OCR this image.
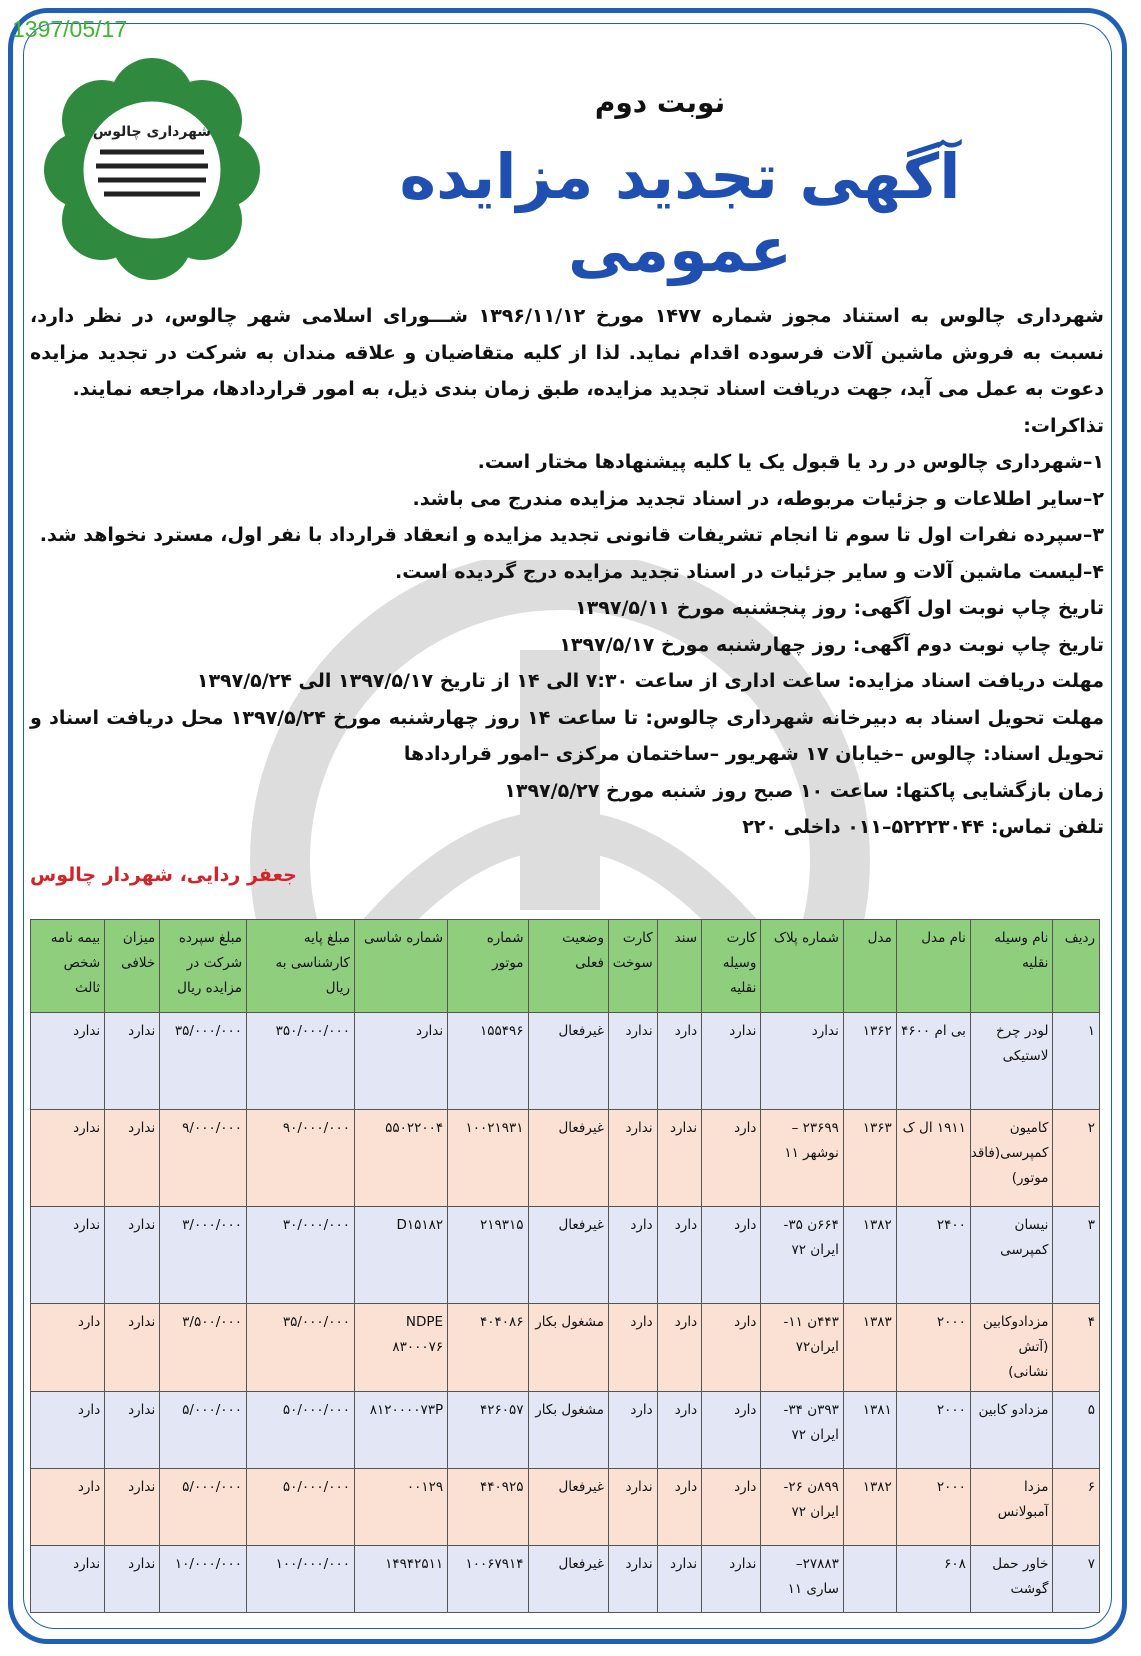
1397/05/17
شهرداری چالوس
نوبت دوم
آگهی تجدید مزایده عمومی

شهرداری چالوس به استناد مجوز شماره ۱۴۷۷ مورخ ۱۳۹۶/۱۱/۱۲ شـــورای اسلامی شهر چالوس، در نظر دارد، نسبت به فروش ماشین آلات فرسوده اقدام نماید. لذا از کلیه متقاضیان و علاقه مندان به شرکت در تجدید مزایده دعوت به عمل می آید، جهت دریافت اسناد تجدید مزایده، طبق زمان بندی ذیل، به امور قراردادها، مراجعه نمایند.

تذاکرات:

۱–شهرداری چالوس در رد یا قبول یک یا کلیه پیشنهادها مختار است.

۲–سایر اطلاعات و جزئیات مربوطه، در اسناد تجدید مزایده مندرج می باشد.

۳–سپرده نفرات اول تا سوم تا انجام تشریفات قانونی تجدید مزایده و انعقاد قرارداد با نفر اول، مسترد نخواهد شد.

۴–لیست ماشین آلات و سایر جزئیات در اسناد تجدید مزایده درج گردیده است.

تاریخ چاپ نوبت اول آگهی: روز پنجشنبه مورخ ۱۳۹۷/۵/۱۱

تاریخ چاپ نوبت دوم آگهی: روز چهارشنبه مورخ ۱۳۹۷/۵/۱۷

مهلت دریافت اسناد مزایده: ساعت اداری از ساعت ۷:۳۰ الی ۱۴ از تاریخ ۱۳۹۷/۵/۱۷ الی ۱۳۹۷/۵/۲۴

مهلت تحویل اسناد به دبیرخانه شهرداری چالوس: تا ساعت ۱۴ روز چهارشنبه مورخ ۱۳۹۷/۵/۲۴ محل دریافت اسناد و تحویل اسناد: چالوس –خیابان ۱۷ شهریور –ساختمان مرکزی –امور قراردادها

زمان بازگشایی پاکتها: ساعت ۱۰ صبح روز شنبه مورخ ۱۳۹۷/۵/۲۷

تلفن تماس: ۵۲۲۲۳۰۴۴–۰۱۱ داخلی ۲۲۰

جعفر ردایی، شهردار چالوس
ردیف	نام وسیله نقلیه	نام مدل	مدل	شماره پلاک	کارت وسیله نقلیه	سند	کارت سوخت	وضعیت فعلی	شماره موتور	شماره شاسی	مبلغ پایه کارشناسی به ریال	مبلغ سپرده شرکت در مزایده ریال	میزان خلافی	بیمه نامه شخص ثالث
۱	لودر چرخ لاستیکی	بی ام ۴۶۰۰	۱۳۶۲	ندارد	ندارد	دارد	ندارد	غیرفعال	۱۵۵۴۹۶	ندارد	۳۵۰/۰۰۰/۰۰۰	۳۵/۰۰۰/۰۰۰	ندارد	ندارد
۲	کامیون کمپرسی(فاقد موتور)	۱۹۱۱ ال ک	۱۳۶۳	۲۳۶۹۹ – نوشهر ۱۱	دارد	ندارد	ندارد	غیرفعال	۱۰۰۲۱۹۳۱	۵۵۰۲۲۰۰۴	۹۰/۰۰۰/۰۰۰	۹/۰۰۰/۰۰۰	ندارد	ندارد
۳	نیسان کمپرسی	۲۴۰۰	۱۳۸۲	۶۶۴ن ۳۵- ایران ۷۲	دارد	دارد	دارد	غیرفعال	۲۱۹۳۱۵	D۱۵۱۸۲	۳۰/۰۰۰/۰۰۰	۳/۰۰۰/۰۰۰	ندارد	ندارد
۴	مزدادوکابین (آتش نشانی)	۲۰۰۰	۱۳۸۳	۴۴۳ن ۱۱- ایران۷۲	دارد	دارد	دارد	مشغول بکار	۴۰۴۰۸۶	NDPE ۸۳۰۰۰۷۶	۳۵/۰۰۰/۰۰۰	۳/۵۰۰/۰۰۰	ندارد	دارد
۵	مزدادو کابین	۲۰۰۰	۱۳۸۱	۳۹۳ن ۳۴- ایران ۷۲	دارد	دارد	دارد	مشغول بکار	۴۲۶۰۵۷	۸۱۲۰۰۰۰۷۳P	۵۰/۰۰۰/۰۰۰	۵/۰۰۰/۰۰۰	ندارد	دارد
۶	مزدا آمبولانس	۲۰۰۰	۱۳۸۲	۸۹۹ن ۲۶- ایران ۷۲	دارد	دارد	ندارد	غیرفعال	۴۴۰۹۲۵	۰۰۱۲۹	۵۰/۰۰۰/۰۰۰	۵/۰۰۰/۰۰۰	ندارد	دارد
۷	خاور حمل گوشت	۶۰۸		۲۷۸۸۳– ساری ۱۱	ندارد	ندارد	ندارد	غیرفعال	۱۰۰۶۷۹۱۴	۱۴۹۴۲۵۱۱	۱۰۰/۰۰۰/۰۰۰	۱۰/۰۰۰/۰۰۰	ندارد	ندارد
